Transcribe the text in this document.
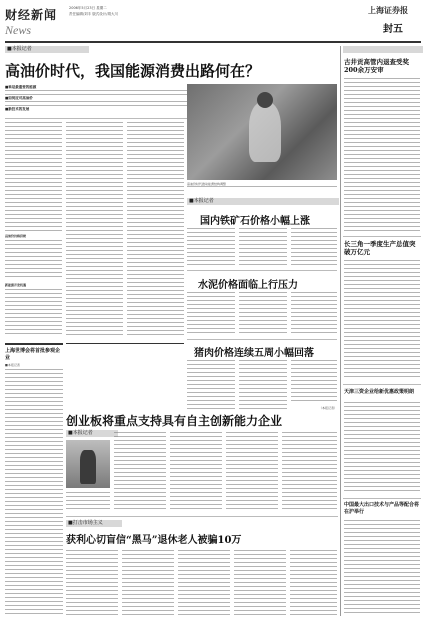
财经新闻
News
2006年5月23日 星期二
责任编辑/刘丰 版式设计/胡大川	上海证券报
封五
■本报记者
高油价时代，我国能源消费出路何在？
■谁是最重要的能源
■如何应对高油价
■新技术的发展
高油价仍将持续
新能源开发机遇
高油价时代推动能源结构调整
■本报记者
国内铁矿石价格小幅上涨
水泥价格面临上行压力
猪肉价格连续五周小幅回落
（本报记者）
古井贡高管内退查受奖200余万安审
长三角一季度生产总值突破万亿元
天津三资企业给新优惠政策明朗
中国最大出口技术与产品等配合将在沪举行
上海世博会将首批参观企业
■本报记者
创业板将重点支持具有自主创新能力企业
■本报记者
■打击市场主义
获利心切盲信“黑马”退休老人被骗10万
